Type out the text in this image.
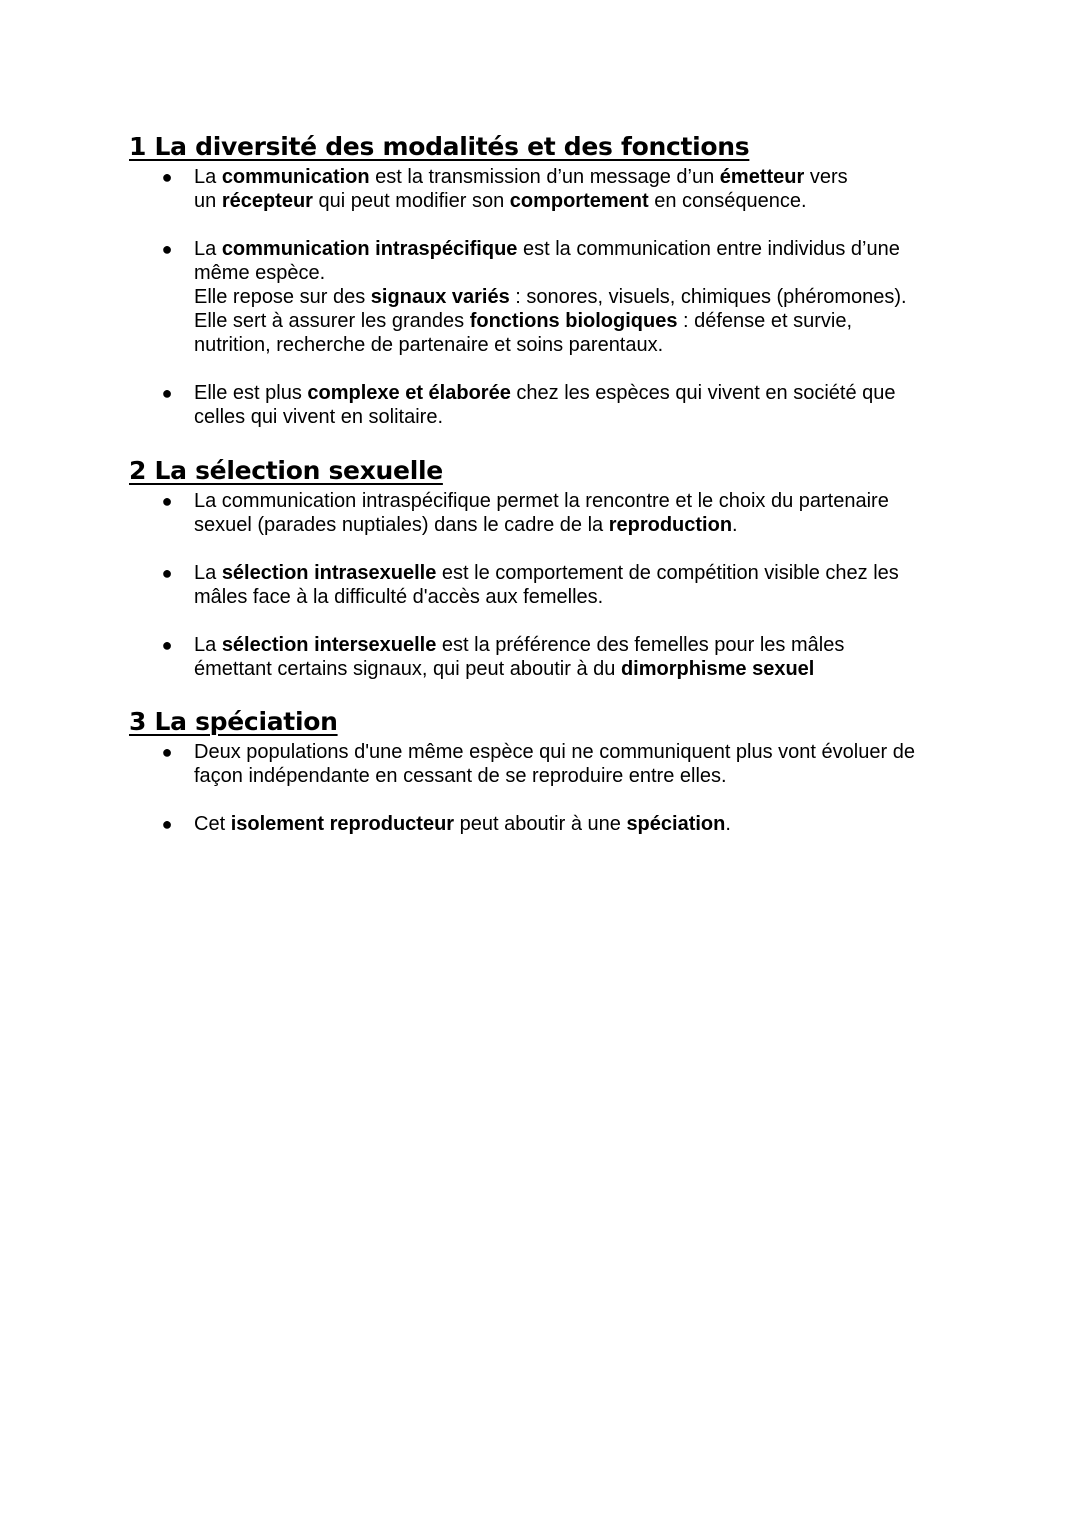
1 La diversité des modalités et des fonctions
● La communication est la transmission d’un message d’un émetteur vers
un récepteur qui peut modifier son comportement en conséquence.
● La communication intraspécifique est la communication entre individus d’une
même espèce.
Elle repose sur des signaux variés : sonores, visuels, chimiques (phéromones).
Elle sert à assurer les grandes fonctions biologiques : défense et survie,
nutrition, recherche de partenaire et soins parentaux.
● Elle est plus complexe et élaborée chez les espèces qui vivent en société que
celles qui vivent en solitaire.
2 La sélection sexuelle
● La communication intraspécifique permet la rencontre et le choix du partenaire
sexuel (parades nuptiales) dans le cadre de la reproduction.
● La sélection intrasexuelle est le comportement de compétition visible chez les
mâles face à la difficulté d'accès aux femelles.
● La sélection intersexuelle est la préférence des femelles pour les mâles
émettant certains signaux, qui peut aboutir à du dimorphisme sexuel
3 La spéciation
● Deux populations d'une même espèce qui ne communiquent plus vont évoluer de
façon indépendante en cessant de se reproduire entre elles.
● Cet isolement reproducteur peut aboutir à une spéciation.
